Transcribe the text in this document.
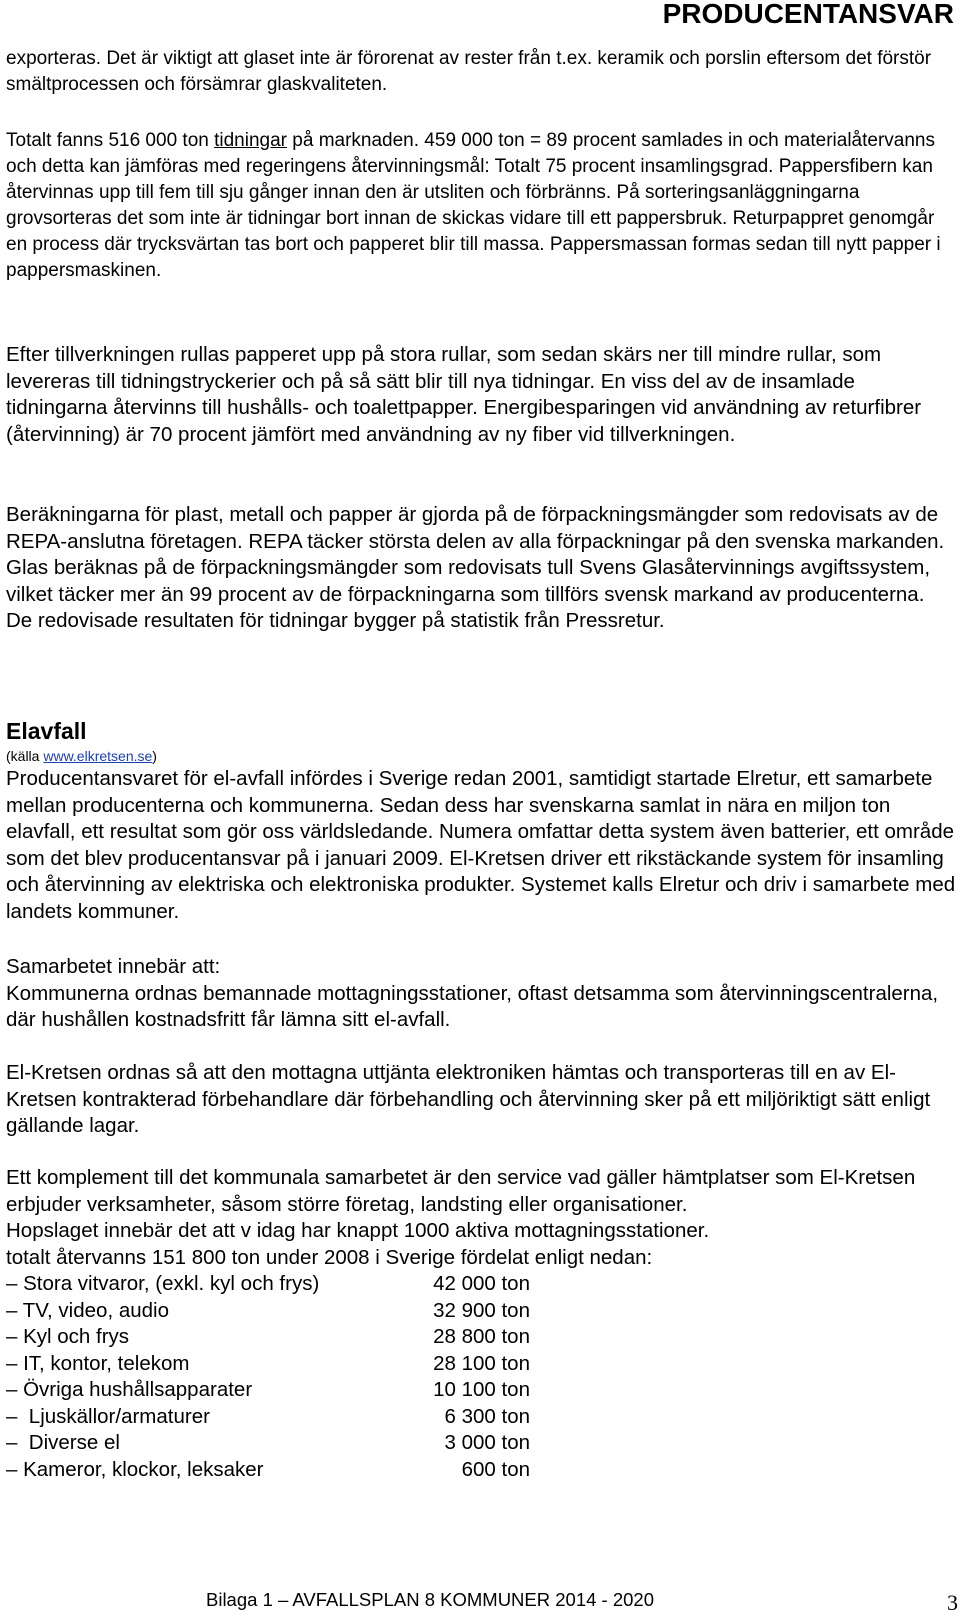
PRODUCENTANSVAR

exporteras. Det är viktigt att glaset inte är förorenat av rester från t.ex. keramik och porslin eftersom det förstör smältprocessen och försämrar glaskvaliteten.

Totalt fanns 516 000 ton tidningar på marknaden. 459 000 ton = 89 procent samlades in och materialåtervanns och detta kan jämföras med regeringens återvinningsmål: Totalt 75 procent insamlingsgrad. Pappersfibern kan återvinnas upp till fem till sju gånger innan den är utsliten och förbränns. På sorteringsanläggningarna grovsorteras det som inte är tidningar bort innan de skickas vidare till ett pappersbruk. Returpappret genomgår en process där trycksvärtan tas bort och papperet blir till massa. Pappersmassan formas sedan till nytt papper i pappersmaskinen.

Efter tillverkningen rullas papperet upp på stora rullar, som sedan skärs ner till mindre rullar, som levereras till tidningstryckerier och på så sätt blir till nya tidningar. En viss del av de insamlade tidningarna återvinns till hushålls- och toalettpapper. Energibesparingen vid användning av returfibrer (återvinning) är 70 procent jämfört med användning av ny fiber vid tillverkningen.

Beräkningarna för plast, metall och papper är gjorda på de förpackningsmängder som redovisats av de REPA-anslutna företagen. REPA täcker största delen av alla förpackningar på den svenska markanden. Glas beräknas på de förpackningsmängder som redovisats tull Svens Glasåtervinnings avgiftssystem, vilket täcker mer än 99 procent av de förpackningarna som tillförs svensk markand av producenterna. De redovisade resultaten för tidningar bygger på statistik från Pressretur.

Elavfall
(källa www.elkretsen.se)

Producentansvaret för el-avfall infördes i Sverige redan 2001, samtidigt startade Elretur, ett samarbete mellan producenterna och kommunerna. Sedan dess har svenskarna samlat in nära en miljon ton elavfall, ett resultat som gör oss världsledande. Numera omfattar detta system även batterier, ett område som det blev producentansvar på i januari 2009. El-Kretsen driver ett rikstäckande system för insamling och återvinning av elektriska och elektroniska produkter. Systemet kalls Elretur och driv i samarbete med landets kommuner.

Samarbetet innebär att:
Kommunerna ordnas bemannade mottagningsstationer, oftast detsamma som återvinningscentralerna, där hushållen kostnadsfritt får lämna sitt el-avfall.

El-Kretsen ordnas så att den mottagna uttjänta elektroniken hämtas och transporteras till en av El-Kretsen kontrakterad förbehandlare där förbehandling och återvinning sker på ett miljöriktigt sätt enligt gällande lagar.

Ett komplement till det kommunala samarbetet är den service vad gäller hämtplatser som El-Kretsen erbjuder verksamheter, såsom större företag, landsting eller organisationer.
Hopslaget innebär det att v idag har knappt 1000 aktiva mottagningsstationer.
totalt återvanns 151 800 ton under 2008 i Sverige fördelat enligt nedan:
– Stora vitvaror, (exkl. kyl och frys)	42 000 ton
– TV, video, audio	32 900 ton
– Kyl och frys	28 800 ton
– IT, kontor, telekom	28 100 ton
– Övriga hushållsapparater	10 100 ton
–  Ljuskällor/armaturer	6 300 ton
–  Diverse el	3 000 ton
– Kameror, klockor, leksaker	600 ton
Bilaga 1 – AVFALLSPLAN 8 KOMMUNER 2014 - 2020	3
